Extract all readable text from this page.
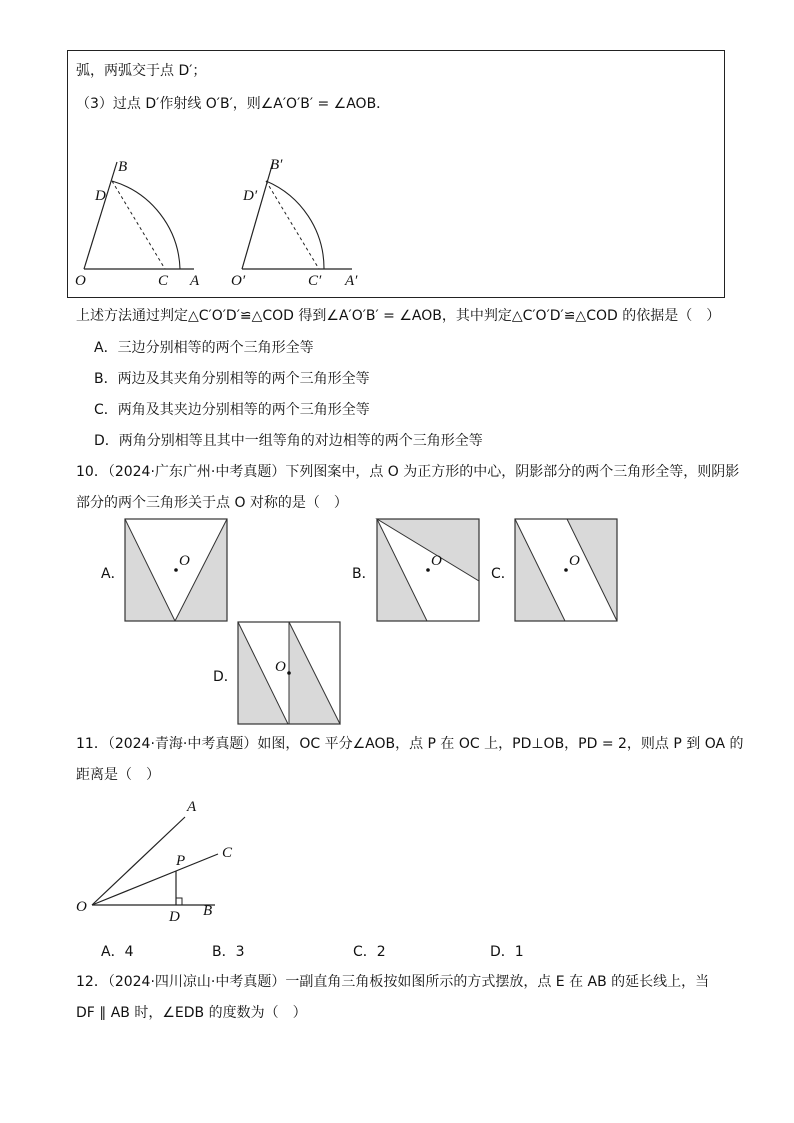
弧，两弧交于点 D′；
（3）过点 D′作射线 O′B′，则∠A′O′B′ = ∠AOB．
B
D
O	C A
B′
D′
O′	C′ A′
上述方法通过判定△C′O′D′≌△COD 得到∠A′O′B′ = ∠AOB，其中判定△C′O′D′≌△COD 的依据是（　）
A．三边分别相等的两个三角形全等
B．两边及其夹角分别相等的两个三角形全等
C．两角及其夹边分别相等的两个三角形全等
D．两角分别相等且其中一组等角的对边相等的两个三角形全等
10．（2024·广东广州·中考真题）下列图案中，点 O 为正方形的中心，阴影部分的两个三角形全等，则阴影
部分的两个三角形关于点 O 对称的是（　）
A．
O
B．
O
C．
O
D．
O
11．（2024·青海·中考真题）如图，OC 平分∠AOB，点 P 在 OC 上，PD⊥OB，PD = 2，则点 P 到 OA 的
距离是（　）
A
C
P
O
D B
A．4	B．3	C．2	D．1
12．（2024·四川凉山·中考真题）一副直角三角板按如图所示的方式摆放，点 E 在 AB 的延长线上，当
DF ∥ AB 时，∠EDB 的度数为（　）
